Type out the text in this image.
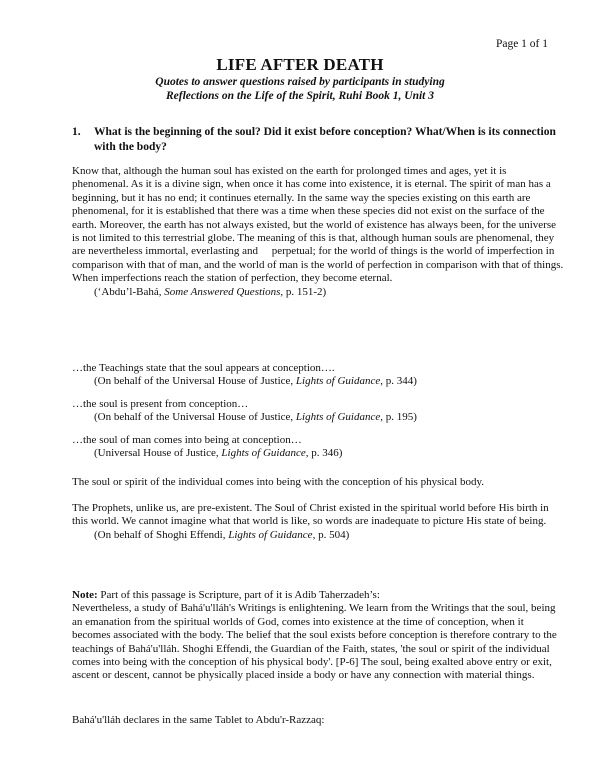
Page 1 of 1
LIFE AFTER DEATH
Quotes to answer questions raised by participants in studying
Reflections on the Life of the Spirit, Ruhi Book 1, Unit 3
1.	What is the beginning of the soul? Did it exist before conception? What/When is its connection with the body?
Know that, although the human soul has existed on the earth for prolonged times and ages, yet it is phenomenal. As it is a divine sign, when once it has come into existence, it is eternal. The spirit of man has a beginning, but it has no end; it continues eternally. In the same way the species existing on this earth are phenomenal, for it is established that there was a time when these species did not exist on the surface of the earth. Moreover, the earth has not always existed, but the world of existence has always been, for the universe is not limited to this terrestrial globe. The meaning of this is that, although human souls are phenomenal, they are nevertheless immortal, everlasting and     perpetual; for the world of things is the world of imperfection in comparison with that of man, and the world of man is the world of perfection in comparison with that of things. When imperfections reach the station of perfection, they become eternal.
(‘Abdu’l-Bahá, Some Answered Questions, p. 151-2)
…the Teachings state that the soul appears at conception….
(On behalf of the Universal House of Justice, Lights of Guidance, p. 344)
…the soul is present from conception…
(On behalf of the Universal House of Justice, Lights of Guidance, p. 195)
…the soul of man comes into being at conception…
(Universal House of Justice, Lights of Guidance, p. 346)
The soul or spirit of the individual comes into being with the conception of his physical body.
The Prophets, unlike us, are pre-existent. The Soul of Christ existed in the spiritual world before His birth in this world. We cannot imagine what that world is like, so words are inadequate to picture His state of being.
(On behalf of Shoghi Effendi, Lights of Guidance, p. 504)
Note: Part of this passage is Scripture, part of it is Adib Taherzadeh’s:
Nevertheless, a study of Bahá'u'lláh's Writings is enlightening. We learn from the Writings that the soul, being an emanation from the spiritual worlds of God, comes into existence at the time of conception, when it becomes associated with the body. The belief that the soul exists before conception is therefore contrary to the teachings of Bahá'u'lláh. Shoghi Effendi, the Guardian of the Faith, states, 'the soul or spirit of the individual comes into being with the conception of his physical body'. [P-6] The soul, being exalted above entry or exit, ascent or descent, cannot be physically placed inside a body or have any connection with material things.
Bahá'u'lláh declares in the same Tablet to Abdu'r-Razzaq:
